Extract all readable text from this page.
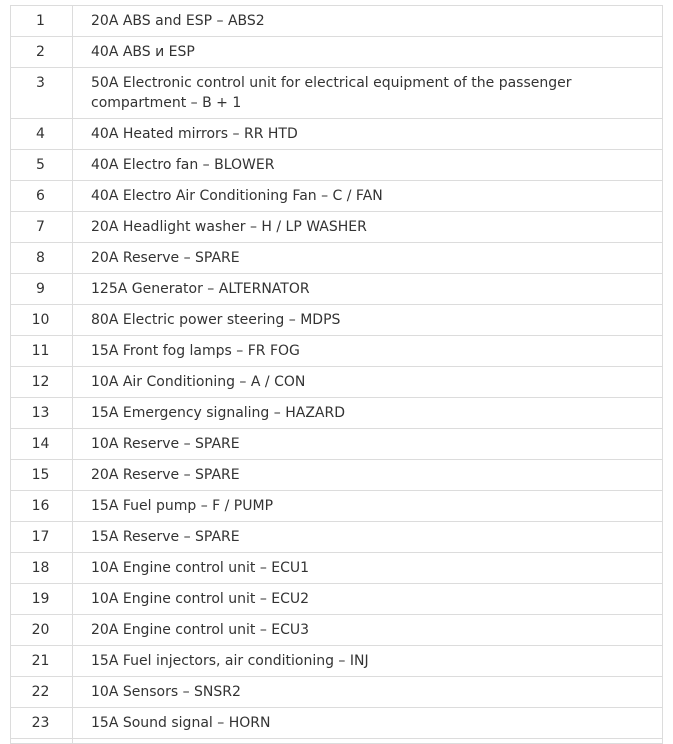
1	20A ABS and ESP – ABS2
2	40A ABS и ESP
3	50A Electronic control unit for electrical equipment of the passenger compartment – B + 1
4	40A Heated mirrors – RR HTD
5	40A Electro fan – BLOWER
6	40A Electro Air Conditioning Fan – C / FAN
7	20A Headlight washer – H / LP WASHER
8	20A Reserve – SPARE
9	125A Generator – ALTERNATOR
10	80A Electric power steering – MDPS
11	15A Front fog lamps – FR FOG
12	10A Air Conditioning – A / CON
13	15A Emergency signaling – HAZARD
14	10A Reserve – SPARE
15	20A Reserve – SPARE
16	15A Fuel pump – F / PUMP
17	15A Reserve – SPARE
18	10A Engine control unit – ECU1
19	10A Engine control unit – ECU2
20	20A Engine control unit – ECU3
21	15A Fuel injectors, air conditioning – INJ
22	10A Sensors – SNSR2
23	15A Sound signal – HORN
